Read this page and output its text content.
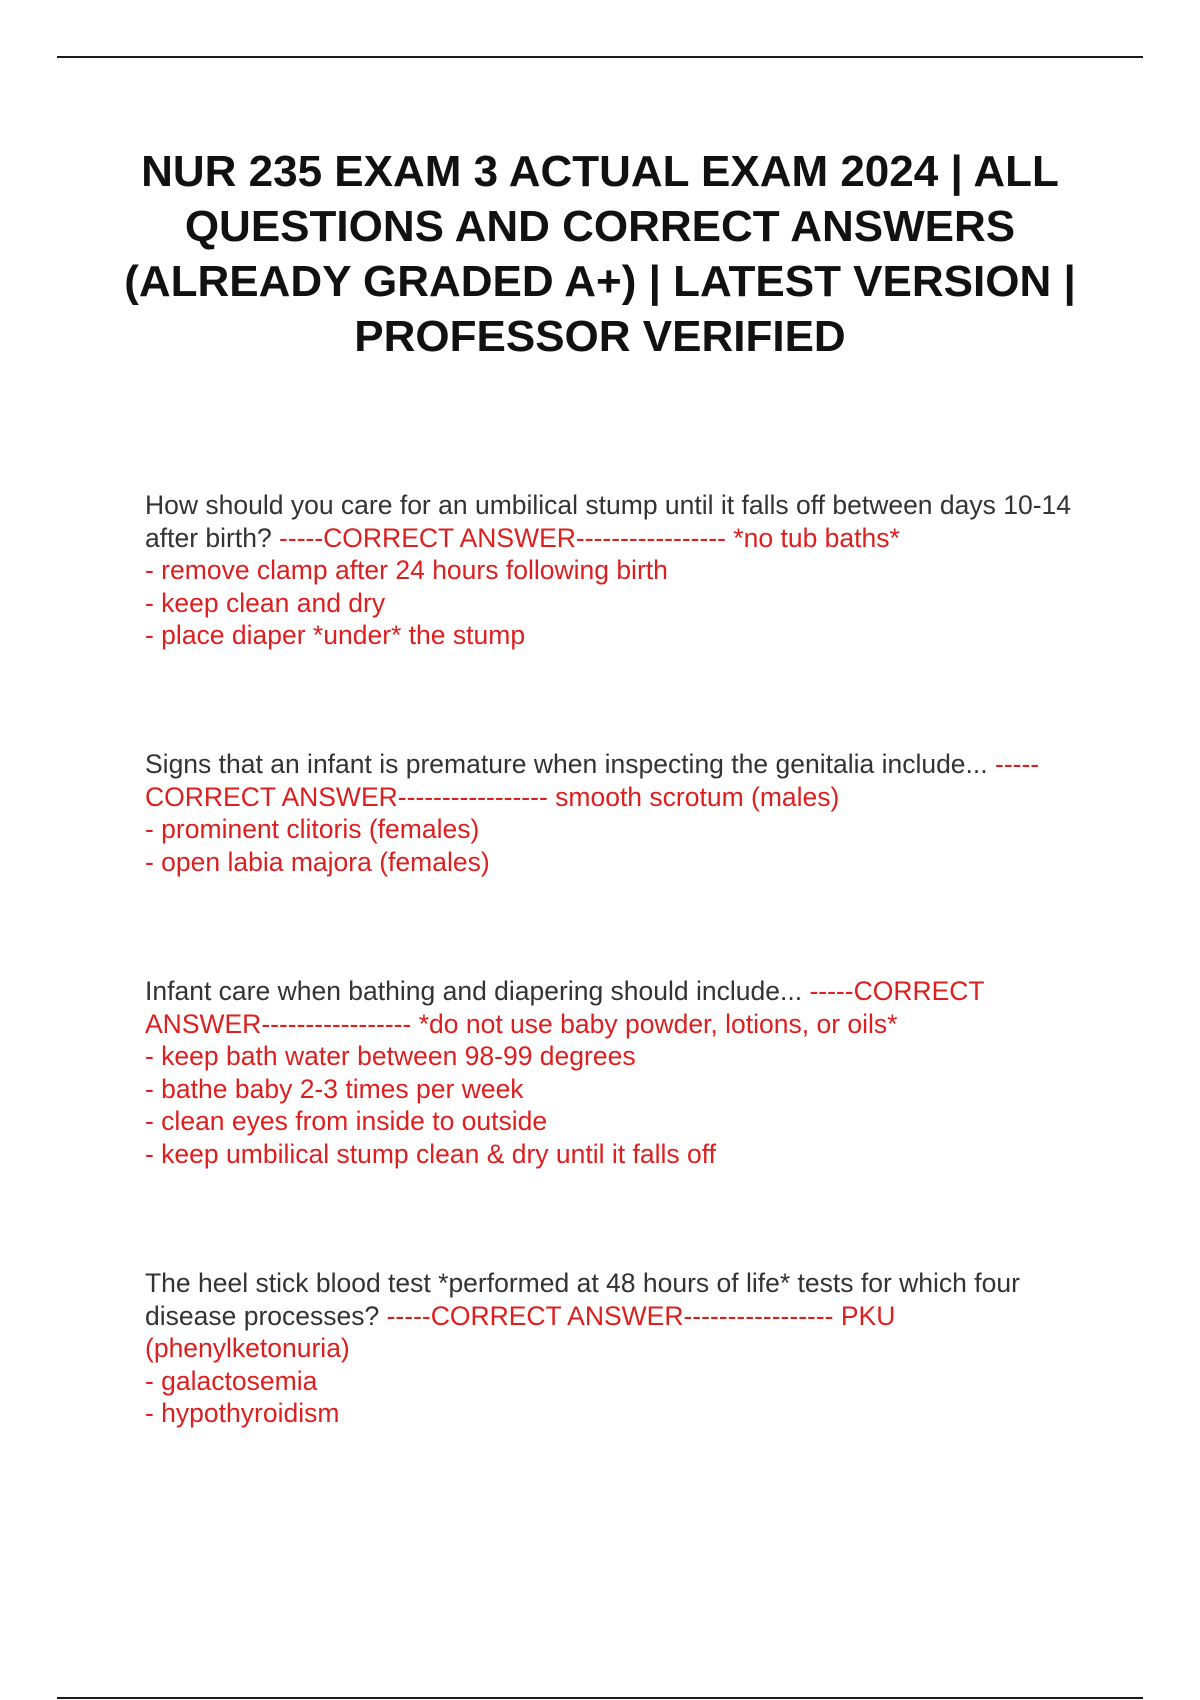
NUR 235 EXAM 3 ACTUAL EXAM 2024 | ALL QUESTIONS AND CORRECT ANSWERS (ALREADY GRADED A+) | LATEST VERSION | PROFESSOR VERIFIED

How should you care for an umbilical stump until it falls off between days 10-14 after birth? -----CORRECT ANSWER----------------- *no tub baths*
- remove clamp after 24 hours following birth
- keep clean and dry
- place diaper *under* the stump

Signs that an infant is premature when inspecting the genitalia include... -----CORRECT ANSWER----------------- smooth scrotum (males)
- prominent clitoris (females)
- open labia majora (females)

Infant care when bathing and diapering should include... -----CORRECT ANSWER----------------- *do not use baby powder, lotions, or oils*
- keep bath water between 98-99 degrees
- bathe baby 2-3 times per week
- clean eyes from inside to outside
- keep umbilical stump clean & dry until it falls off

The heel stick blood test *performed at 48 hours of life* tests for which four disease processes? -----CORRECT ANSWER----------------- PKU (phenylketonuria)
- galactosemia
- hypothyroidism
